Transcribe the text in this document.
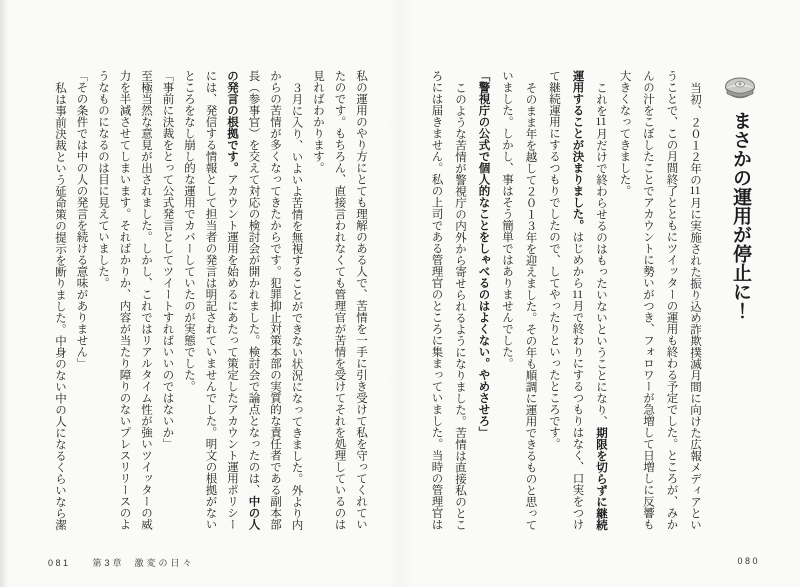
まさかの運用が停止に！

当初、２０１２年の11月に実施された振り込め詐欺撲滅月間に向けた広報メディアということで、この月間終了とともにツイッターの運用も終わる予定でした。ところが、みかんの汁をこぼしたことでアカウントに勢いがつき、フォロワーが急増して日増しに反響も大きくなってきました。

これを11月だけで終わらせるのはもったいないということになり、期限を切らずに継続運用することが決まりました。はじめから11月で終わりにするつもりはなく、口実をつけて継続運用にするつもりでしたので、してやったりといったところです。

そのまま年を越して２０１３年を迎えました。その年も順調に運用できるものと思っていました。しかし、事はそう簡単ではありませんでした。

「警視庁の公式で個人的なことをしゃべるのはよくない。やめさせろ」

このような苦情が警視庁の内外から寄せられるようになりました。苦情は直接私のところには届きません。私の上司である管理官のところに集まっていました。当時の管理官は

080

私の運用のやり方にとても理解のある人で、苦情を一手に引き受けて私を守ってくれていたのです。もちろん、直接言われなくても管理官が苦情を受けてそれを処理しているのは見ればわかります。

３月に入り、いよいよ苦情を無視することができない状況になってきました。外より内からの苦情が多くなってきたからです。犯罪抑止対策本部の実質的な責任者である副本部長（参事官）を交えて対応の検討会が開かれました。検討会で論点となったのは、中の人の発言の根拠です。アカウント運用を始めるにあたって策定したアカウント運用ポリシーには、発信する情報として担当者の発言は明記されていませんでした。明文の根拠がないところをなし崩し的な運用でカバーしていたのが実態でした。

「事前に決裁をとって公式発言としてツイートすればいいのではないか」

至極当然な意見が出されました。しかし、これではリアルタイム性が強いツイッターの威力を半減させてしまいます。そればかりか、内容が当たり障りのないプレスリリースのようなものになるのは目に見えていました。

「その条件では中の人の発言を続ける意味がありません」

私は事前決裁という延命策の提示を断りました。中身のない中の人になるくらいなら潔

081 第3章 激変の日々
